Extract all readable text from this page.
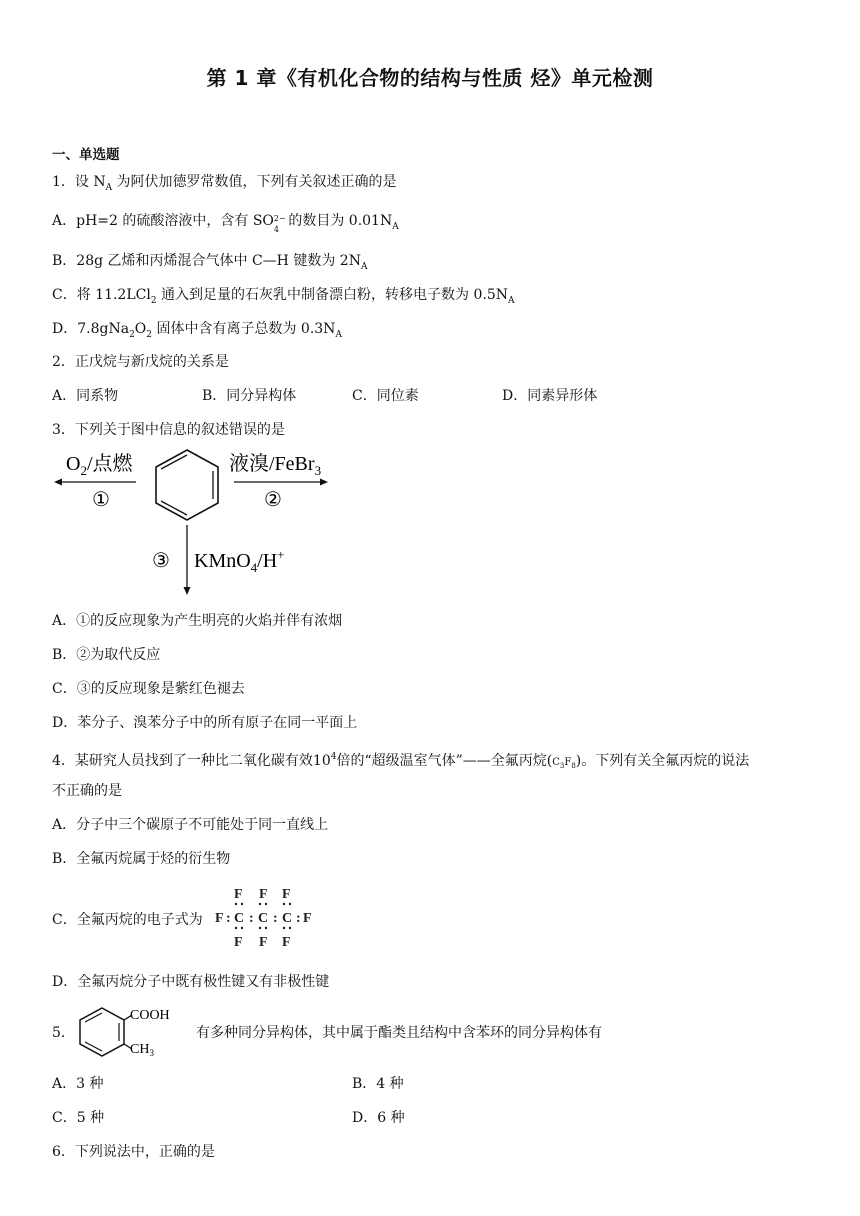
第 1 章《有机化合物的结构与性质 烃》单元检测
一、单选题
1．设 $N_A$ 为阿伏加德罗常数值，下列有关叙述正确的是
A．pH=2 的硫酸溶液中，含有 SO 2−
4
的数目为 $0.01N_A$
B．28g 乙烯和丙烯混合气体中 C—H 键数为 $2N_A$
C．将 11.2LCl$_2$ 通入到足量的石灰乳中制备漂白粉，转移电子数为 $0.5N_A$
D．$7.8gNa_2O_2$ 固体中含有离子总数为 $0.3N_A$
2．正戊烷与新戊烷的关系是
A．同系物	B．同分异构体	C．同位素	D．同素异形体
3．下列关于图中信息的叙述错误的是
$O_2/$点燃
①
液溴/FeBr$_3$
②
③ KMnO$_4$/H+
A．①的反应现象为产生明亮的火焰并伴有浓烟
B．②为取代反应
C．③的反应现象是紫红色褪去
D．苯分子、溴苯分子中的所有原子在同一平面上
4．某研究人员找到了一种比二氧化碳有效$10^4$倍的“超级温室气体”——全氟丙烷$(C_3F_8)$。下列有关全氟丙烷的说法
不正确的是
A．分子中三个碳原子不可能处于同一直线上
B．全氟丙烷属于烃的衍生物
C．全氟丙烷的电子式为
F F F
F : C : C : C : F
F F F
D．全氟丙烷分子中既有极性键又有非极性键
5．
COOH
$CH_3$
有多种同分异构体，其中属于酯类且结构中含苯环的同分异构体有
A．3 种	B．4 种
C．5 种	D．6 种
6．下列说法中，正确的是
